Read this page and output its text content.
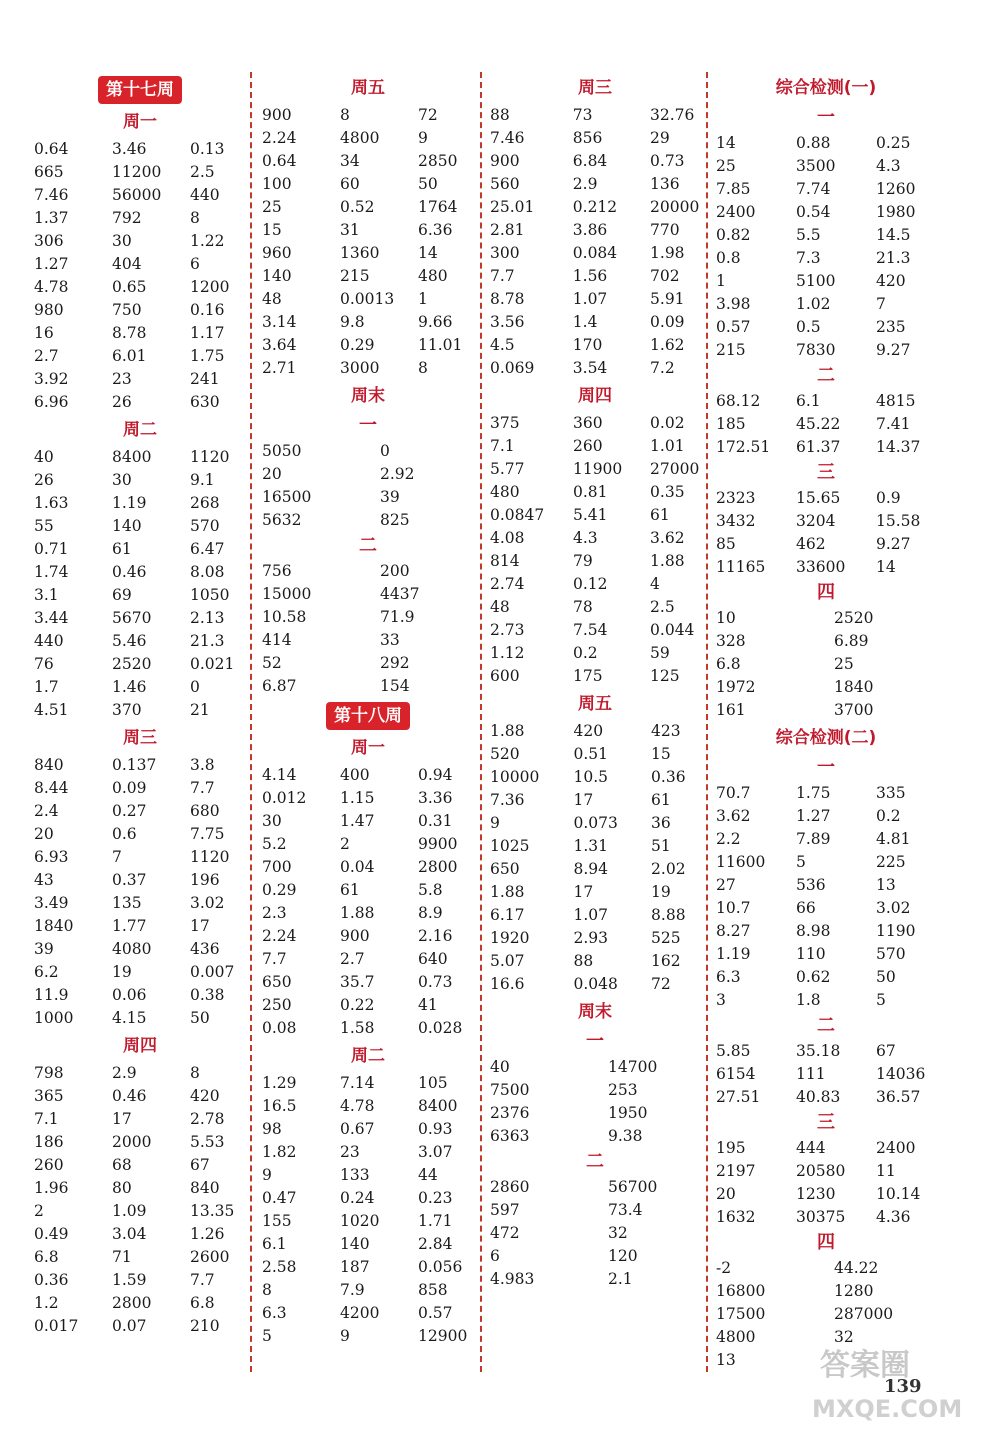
第十七周
周一
0.64	3.46	0.13
665	11200	2.5
7.46	56000	440
1.37	792	8
306	30	1.22
1.27	404	6
4.78	0.65	1200
980	750	0.16
16	8.78	1.17
2.7	6.01	1.75
3.92	23	241
6.96	26	630
周二
40	8400	1120
26	30	9.1
1.63	1.19	268
55	140	570
0.71	61	6.47
1.74	0.46	8.08
3.1	69	1050
3.44	5670	2.13
440	5.46	21.3
76	2520	0.021
1.7	1.46	0
4.51	370	21
周三
840	0.137	3.8
8.44	0.09	7.7
2.4	0.27	680
20	0.6	7.75
6.93	7	1120
43	0.37	196
3.49	135	3.02
1840	1.77	17
39	4080	436
6.2	19	0.007
11.9	0.06	0.38
1000	4.15	50
周四
798	2.9	8
365	0.46	420
7.1	17	2.78
186	2000	5.53
260	68	67
1.96	80	840
2	1.09	13.35
0.49	3.04	1.26
6.8	71	2600
0.36	1.59	7.7
1.2	2800	6.8
0.017	0.07	210
周五
900	8	72
2.24	4800	9
0.64	34	2850
100	60	50
25	0.52	1764
15	31	6.36
960	1360	14
140	215	480
48	0.0013	1
3.14	9.8	9.66
3.64	0.29	11.01
2.71	3000	8
周末
一
5050	0
20	2.92
16500	39
5632	825
二
756	200
15000	4437
10.58	71.9
414	33
52	292
6.87	154
第十八周
周一
4.14	400	0.94
0.012	1.15	3.36
30	1.47	0.31
5.2	2	9900
700	0.04	2800
0.29	61	5.8
2.3	1.88	8.9
2.24	900	2.16
7.7	2.7	640
650	35.7	0.73
250	0.22	41
0.08	1.58	0.028
周二
1.29	7.14	105
16.5	4.78	8400
98	0.67	0.93
1.82	23	3.07
9	133	44
0.47	0.24	0.23
155	1020	1.71
6.1	140	2.84
2.58	187	0.056
8	7.9	858
6.3	4200	0.57
5	9	12900
周三
88	73	32.76
7.46	856	29
900	6.84	0.73
560	2.9	136
25.01	0.212	20000
2.81	3.86	770
300	0.084	1.98
7.7	1.56	702
8.78	1.07	5.91
3.56	1.4	0.09
4.5	170	1.62
0.069	3.54	7.2
周四
375	360	0.02
7.1	260	1.01
5.77	11900	27000
480	0.81	0.35
0.0847	5.41	61
4.08	4.3	3.62
814	79	1.88
2.74	0.12	4
48	78	2.5
2.73	7.54	0.044
1.12	0.2	59
600	175	125
周五
1.88	420	423
520	0.51	15
10000	10.5	0.36
7.36	17	61
9	0.073	36
1025	1.31	51
650	8.94	2.02
1.88	17	19
6.17	1.07	8.88
1920	2.93	525
5.07	88	162
16.6	0.048	72
周末
一
40	14700
7500	253
2376	1950
6363	9.38
二
2860	56700
597	73.4
472	32
6	120
4.983	2.1
综合检测(一)
一
14	0.88	0.25
25	3500	4.3
7.85	7.74	1260
2400	0.54	1980
0.82	5.5	14.5
0.8	7.3	21.3
1	5100	420
3.98	1.02	7
0.57	0.5	235
215	7830	9.27
二
68.12	6.1	4815
185	45.22	7.41
172.51	61.37	14.37
三
2323	15.65	0.9
3432	3204	15.58
85	462	9.27
11165	33600	14
四
10	2520
328	6.89
6.8	25
1972	1840
161	3700
综合检测(二)
一
70.7	1.75	335
3.62	1.27	0.2
2.2	7.89	4.81
11600	5	225
27	536	13
10.7	66	3.02
8.27	8.98	1190
1.19	110	570
6.3	0.62	50
3	1.8	5
二
5.85	35.18	67
6154	111	14036
27.51	40.83	36.57
三
195	444	2400
2197	20580	11
20	1230	10.14
1632	30375	4.36
四
-2	44.22
16800	1280
17500	287000
4800	32
13		答案圈
MXQE.COM
139
